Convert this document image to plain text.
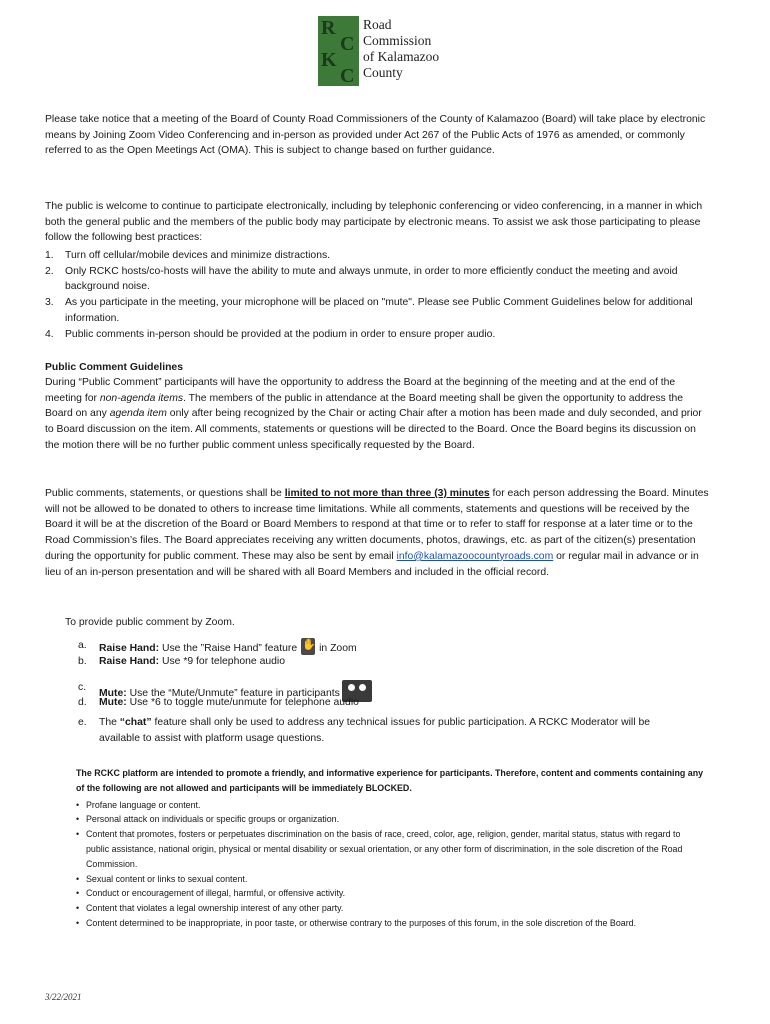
R
C
K
C
Road
Commission
of Kalamazoo
County

Please take notice that a meeting of the Board of County Road Commissioners of the County of Kalamazoo (Board) will take place by electronic means by Joining Zoom Video Conferencing and in-person as provided under Act 267 of the Public Acts of 1976 as amended, or commonly referred to as the Open Meetings Act (OMA). This is subject to change based on further guidance.

The public is welcome to continue to participate electronically, including by telephonic conferencing or video conferencing, in a manner in which both the general public and the members of the public body may participate by electronic means. To assist we ask those participating to please follow the following best practices:

1. Turn off cellular/mobile devices and minimize distractions.
2. Only RCKC hosts/co-hosts will have the ability to mute and always unmute, in order to more efficiently conduct the meeting and avoid background noise.
3. As you participate in the meeting, your microphone will be placed on "mute". Please see Public Comment Guidelines below for additional information.
4. Public comments in-person should be provided at the podium in order to ensure proper audio.
Public Comment Guidelines

During “Public Comment” participants will have the opportunity to address the Board at the beginning of the meeting and at the end of the meeting for non-agenda items. The members of the public in attendance at the Board meeting shall be given the opportunity to address the Board on any agenda item only after being recognized by the Chair or acting Chair after a motion has been made and duly seconded, and prior to Board discussion on the item. All comments, statements or questions will be directed to the Board. Once the Board begins its discussion on the motion there will be no further public comment unless specifically requested by the Board.

Public comments, statements, or questions shall be limited to not more than three (3) minutes for each person addressing the Board. Minutes will not be allowed to be donated to others to increase time limitations. While all comments, statements and questions will be received by the Board it will be at the discretion of the Board or Board Members to respond at that time or to refer to staff for response at a later time or to the Road Commission’s files. The Board appreciates receiving any written documents, photos, drawings, etc. as part of the citizen(s) presentation during the opportunity for public comment. These may also be sent by email info@kalamazoocountyroads.com or regular mail in advance or in lieu of an in-person presentation and will be shared with all Board Members and included in the official record.

To provide public comment by Zoom.
a.	Raise Hand: Use the ”Raise Hand” feature✋ in Zoom
b.	Raise Hand: Use *9 for telephone audio
c.
Mute: Use the “Mute/Unmute” feature in participants
d.	Mute: Use *6 to toggle mute/unmute for telephone audio
e.	The “chat” feature shall only be used to address any technical issues for public participation. A RCKC Moderator will be available to assist with platform usage questions.
The RCKC platform are intended to promote a friendly, and informative experience for participants. Therefore, content and comments containing any of the following are not allowed and participants will be immediately BLOCKED.
• Profane language or content.
• Personal attack on individuals or specific groups or organization.
• Content that promotes, fosters or perpetuates discrimination on the basis of race, creed, color, age, religion, gender, marital status, status with regard to public assistance, national origin, physical or mental disability or sexual orientation, or any other form of discrimination, in the sole discretion of the Road Commission.
• Sexual content or links to sexual content.
• Conduct or encouragement of illegal, harmful, or offensive activity.
• Content that violates a legal ownership interest of any other party.
• Content determined to be inappropriate, in poor taste, or otherwise contrary to the purposes of this forum, in the sole discretion of the Board.
3/22/2021
